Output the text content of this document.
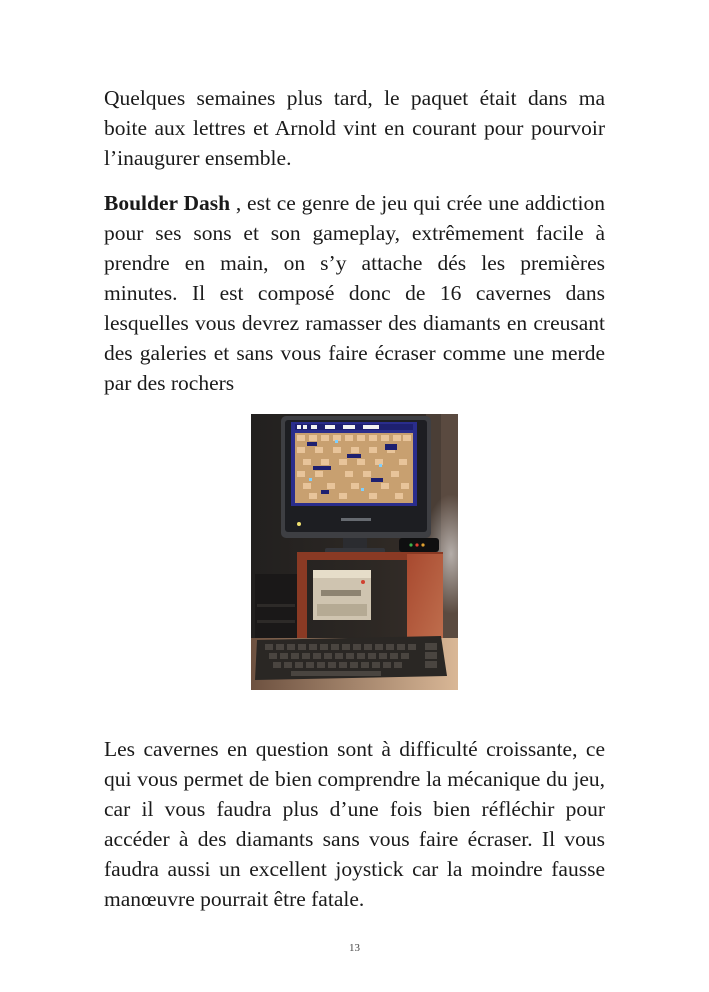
Quelques semaines plus tard, le paquet était dans ma boite aux lettres et Arnold vint en courant pour pourvoir l’inaugurer ensemble.

Boulder Dash , est ce genre de jeu qui crée une addiction pour ses sons et son gameplay, extrêmement facile à prendre en main, on s’y attache dés les premières minutes. Il est composé donc de 16 cavernes dans lesquelles vous devrez ramasser des diamants en creusant des galeries et sans vous faire écraser comme une merde par des rochers

Les cavernes en question sont à difficulté croissante, ce qui vous permet de bien comprendre la mécanique du jeu, car il vous faudra plus d’une fois bien réfléchir pour accéder à des diamants sans vous faire écraser. Il vous faudra aussi un excellent joystick car la moindre fausse manœuvre pourrait être fatale.

13
